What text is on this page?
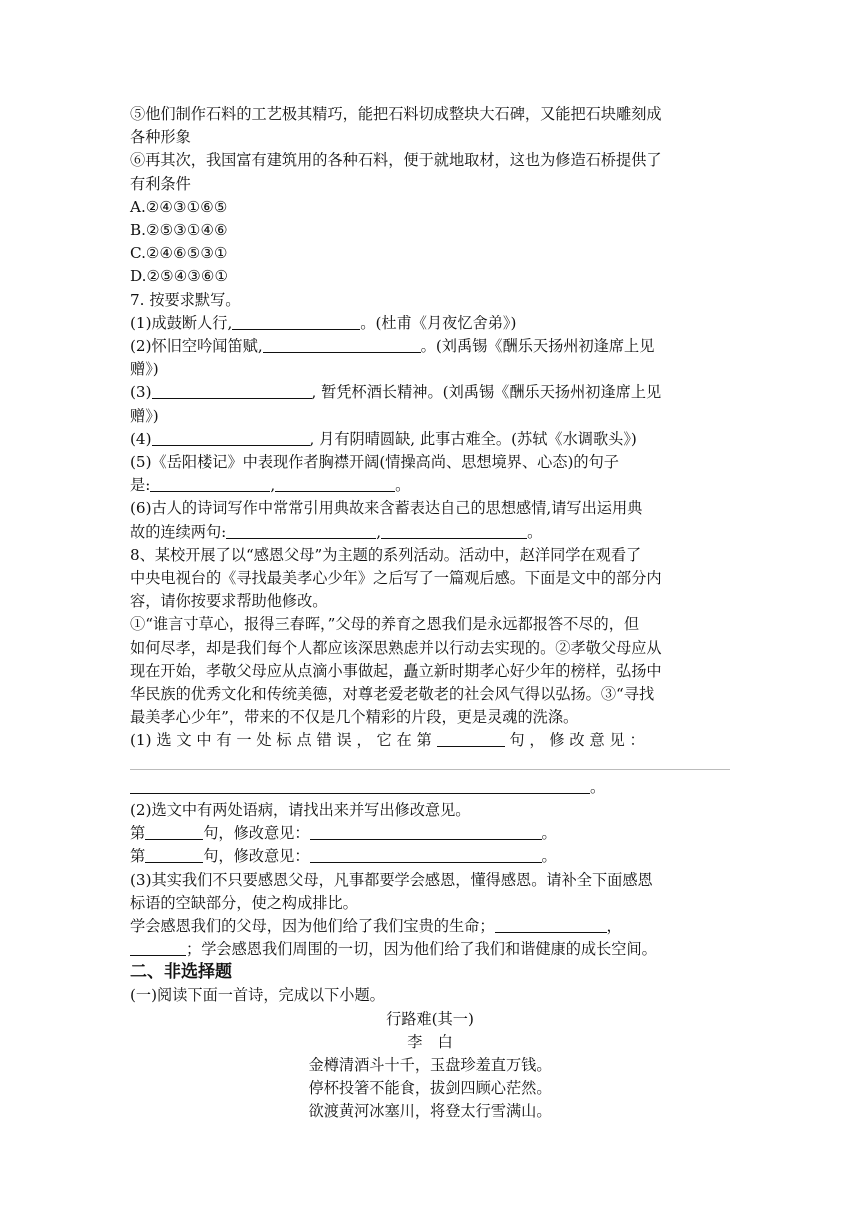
⑤他们制作石料的工艺极其精巧，能把石料切成整块大石碑，又能把石块雕刻成
各种形象
⑥再其次，我国富有建筑用的各种石料，便于就地取材，这也为修造石桥提供了
有利条件
A.②④③①⑥⑤
B.②⑤③①④⑥
C.②④⑥⑤③①
D.②⑤④③⑥①
7. 按要求默写。
(1)成鼓断人行,	。(杜甫《月夜忆舍弟》)
(2)怀旧空吟闻笛赋,	。(刘禹锡《酬乐天扬州初逢席上见
赠》)
(3)	, 暂凭杯酒长精神。(刘禹锡《酬乐天扬州初逢席上见
赠》)
(4)	, 月有阴晴圆缺, 此事古难全。(苏轼《水调歌头》)
(5)《岳阳楼记》中表现作者胸襟开阔(情操高尚、思想境界、心态)的句子
是:	,	。
(6)古人的诗词写作中常常引用典故来含蓄表达自己的思想感情,请写出运用典
故的连续两句:	,	。
8、某校开展了以“感恩父母”为主题的系列活动。活动中，赵洋同学在观看了
中央电视台的《寻找最美孝心少年》之后写了一篇观后感。下面是文中的部分内
容，请你按要求帮助他修改。
①“谁言寸草心，报得三春晖，”父母的养育之恩我们是永远都报答不尽的，但
如何尽孝，却是我们每个人都应该深思熟虑并以行动去实现的。②孝敬父母应从
现在开始，孝敬父母应从点滴小事做起，矗立新时期孝心好少年的榜样，弘扬中
华民族的优秀文化和传统美德，对尊老爱老敬老的社会风气得以弘扬。③“寻找
最美孝心少年”，带来的不仅是几个精彩的片段，更是灵魂的洗涤。
(1) 选 文 中 有 一 处 标 点 错 误 ， 它 在 第	句 ， 修 改 意 见 ：
。
(2)选文中有两处语病，请找出来并写出修改意见。
第	句，修改意见：	。
第	句，修改意见：	。
(3)其实我们不只要感恩父母，凡事都要学会感恩，懂得感恩。请补全下面感恩
标语的空缺部分，使之构成排比。
学会感恩我们的父母，因为他们给了我们宝贵的生命；	，
；学会感恩我们周围的一切，因为他们给了我们和谐健康的成长空间。
二、非选择题
(一)阅读下面一首诗，完成以下小题。
行路难(其一)
李　白
金樽清酒斗十千，玉盘珍羞直万钱。
停杯投箸不能食，拔剑四顾心茫然。
欲渡黄河冰塞川，将登太行雪满山。
